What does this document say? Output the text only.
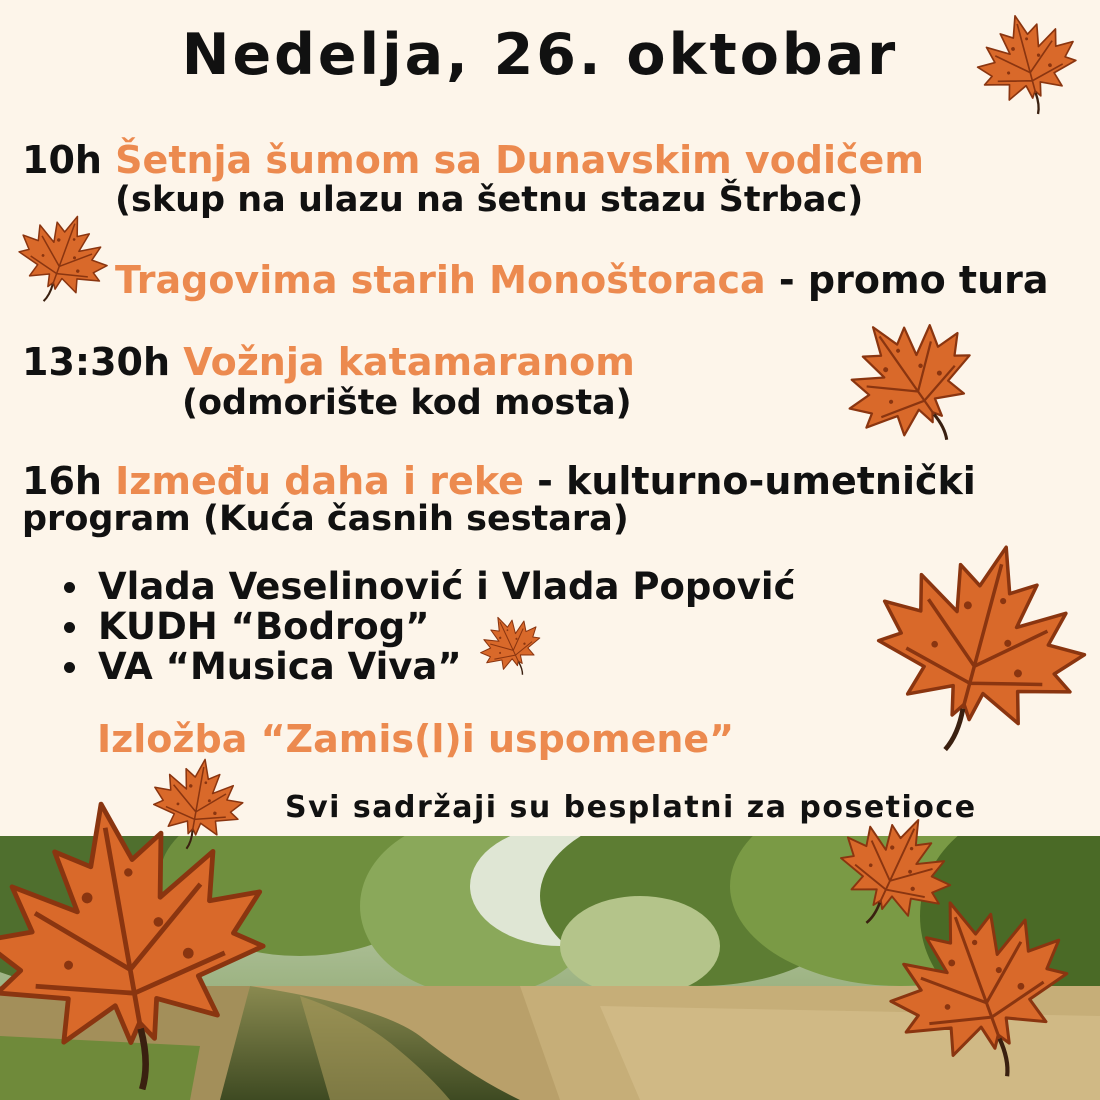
Nedelja, 26. oktobar
10h Šetnja šumom sa Dunavskim vodičem
(skup na ulazu na šetnu stazu Štrbac)
Tragovima starih Monoštoraca - promo tura
13:30h Vožnja katamaranom
(odmorište kod mosta)
16h Između daha i reke - kulturno-umetnički
program (Kuća časnih sestara)
Vlada Veselinović i Vlada Popović
KUDH “Bodrog”
VA “Musica Viva”
Izložba “Zamis(l)i uspomene”
Svi sadržaji su besplatni za posetioce
